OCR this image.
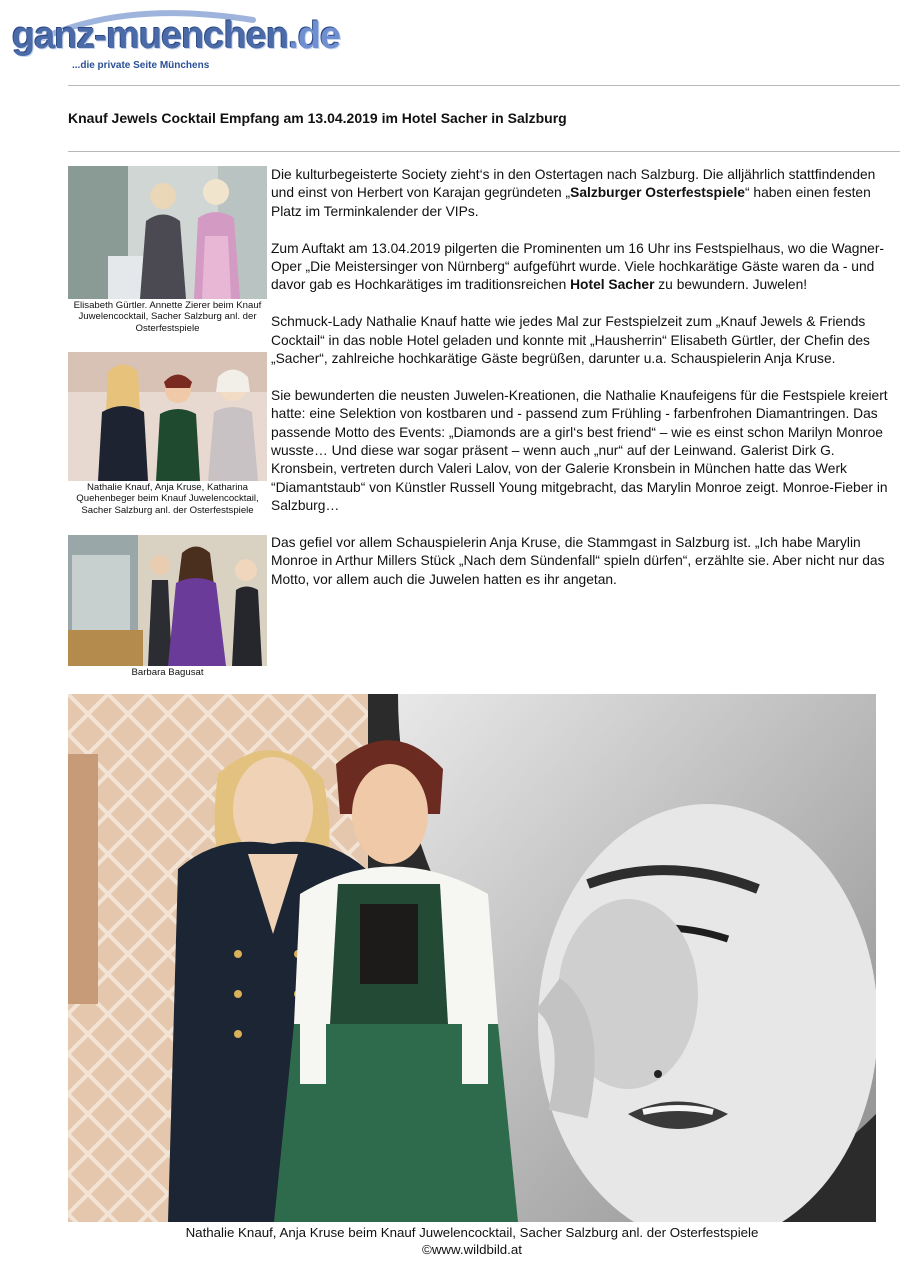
ganz-muenchen.de
...die private Seite Münchens
Knauf Jewels Cocktail Empfang am 13.04.2019 im Hotel Sacher in Salzburg
Elisabeth Gürtler. Annette Zierer beim Knauf Juwelencocktail, Sacher Salzburg anl. der Osterfestspiele
Nathalie Knauf, Anja Kruse, Katharina Quehenbeger beim Knauf Juwelencocktail, Sacher Salzburg anl. der Osterfestspiele
Barbara Bagusat

Die kulturbegeisterte Society zieht‘s in den Ostertagen nach Salzburg. Die alljährlich stattfindenden und einst von Herbert von Karajan gegründeten „Salzburger Osterfestspiele“ haben einen festen Platz im Terminkalender der VIPs.

Zum Auftakt am 13.04.2019 pilgerten die Prominenten um 16 Uhr ins Festspielhaus, wo die Wagner-Oper „Die Meistersinger von Nürnberg“ aufgeführt wurde. Viele hochkarätige Gäste waren da - und davor gab es Hochkarätiges im traditionsreichen Hotel Sacher zu bewundern. Juwelen!

Schmuck-Lady Nathalie Knauf hatte wie jedes Mal zur Festspielzeit zum „Knauf Jewels & Friends Cocktail“ in das noble Hotel geladen und konnte mit „Hausherrin“ Elisabeth Gürtler, der Chefin des „Sacher“, zahlreiche hochkarätige Gäste begrüßen, darunter u.a. Schauspielerin Anja Kruse.

Sie bewunderten die neusten Juwelen-Kreationen, die Nathalie Knaufeigens für die Festspiele kreiert hatte: eine Selektion von kostbaren und - passend zum Frühling - farbenfrohen Diamantringen. Das passende Motto des Events: „Diamonds are a girl‘s best friend“ – wie es einst schon Marilyn Monroe wusste… Und diese war sogar präsent – wenn auch „nur“ auf der Leinwand. Galerist Dirk G. Kronsbein, vertreten durch Valeri Lalov, von der Galerie Kronsbein in München hatte das Werk “Diamantstaub“ von Künstler Russell Young mitgebracht, das Marylin Monroe zeigt. Monroe-Fieber in Salzburg…

Das gefiel vor allem Schauspielerin Anja Kruse, die Stammgast in Salzburg ist. „Ich habe Marylin Monroe in Arthur Millers Stück „Nach dem Sündenfall“ spieln dürfen“, erzählte sie. Aber nicht nur das Motto, vor allem auch die Juwelen hatten es ihr angetan.

Nathalie Knauf, Anja Kruse beim Knauf Juwelencocktail, Sacher Salzburg anl. der Osterfestspiele
©www.wildbild.at
